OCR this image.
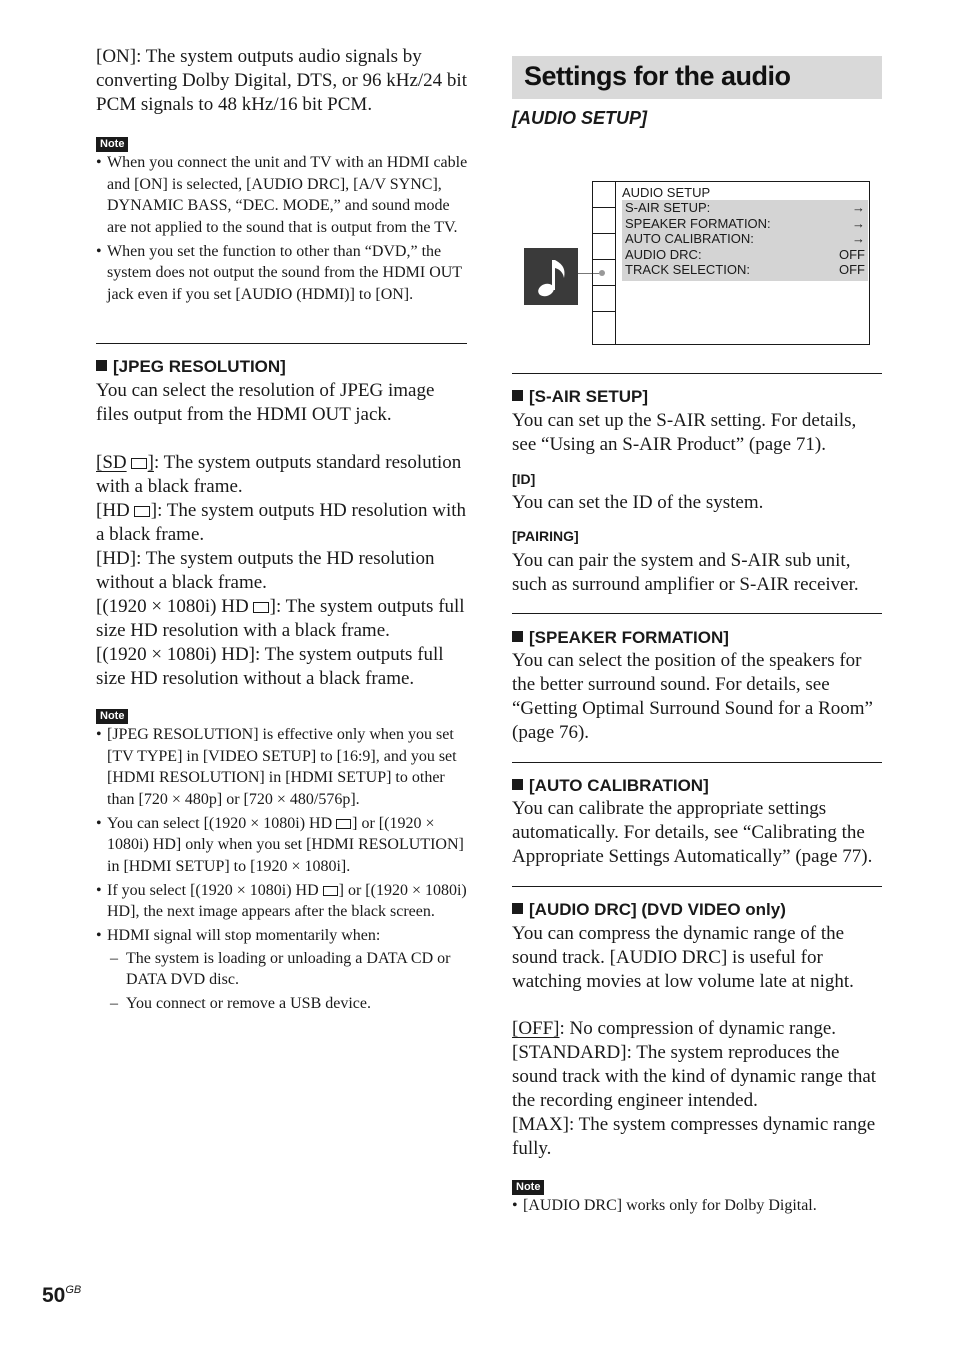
[ON]: The system outputs audio signals by converting Dolby Digital, DTS, or 96 kHz/24 bit PCM signals to 48 kHz/16 bit PCM.

Note
• When you connect the unit and TV with an HDMI cable and [ON] is selected, [AUDIO DRC], [A/V SYNC], DYNAMIC BASS, “DEC. MODE,” and sound mode are not applied to the sound that is output from the TV.
• When you set the function to other than “DVD,” the system does not output the sound from the HDMI OUT jack even if you set [AUDIO (HDMI)] to [ON].

[JPEG RESOLUTION]

You can select the resolution of JPEG image files output from the HDMI OUT jack.

[SD ]: The system outputs standard resolution with a black frame.
[HD ]: The system outputs HD resolution with a black frame.
[HD]: The system outputs the HD resolution without a black frame.
[(1920 × 1080i) HD ]: The system outputs full size HD resolution with a black frame.
[(1920 × 1080i) HD]: The system outputs full size HD resolution without a black frame.
Note
• [JPEG RESOLUTION] is effective only when you set [TV TYPE] in [VIDEO SETUP] to [16:9], and you set [HDMI RESOLUTION] in [HDMI SETUP] to other than [720 × 480p] or [720 × 480/576p].
• You can select [(1920 × 1080i) HD ] or [(1920 × 1080i) HD] only when you set [HDMI RESOLUTION] in [HDMI SETUP] to [1920 × 1080i].
• If you select [(1920 × 1080i) HD ] or [(1920 × 1080i) HD], the next image appears after the black screen.
• HDMI signal will stop momentarily when:
– The system is loading or unloading a DATA CD or DATA DVD disc.
– You connect or remove a USB device.
Settings for the audio
[AUDIO SETUP]
AUDIO SETUP
S-AIR SETUP:	→
SPEAKER FORMATION:	→
AUTO CALIBRATION:	→
AUDIO DRC:	OFF
TRACK SELECTION:	OFF

[S-AIR SETUP]

You can set up the S-AIR setting. For details, see “Using an S-AIR Product” (page 71).

[ID]

You can set the ID of the system.

[PAIRING]

You can pair the system and S-AIR sub unit, such as surround amplifier or S-AIR receiver.

[SPEAKER FORMATION]

You can select the position of the speakers for the better surround sound. For details, see “Getting Optimal Surround Sound for a Room” (page 76).

[AUTO CALIBRATION]

You can calibrate the appropriate settings automatically. For details, see “Calibrating the Appropriate Settings Automatically” (page 77).

[AUDIO DRC] (DVD VIDEO only)

You can compress the dynamic range of the sound track. [AUDIO DRC] is useful for watching movies at low volume late at night.

[OFF]: No compression of dynamic range.
[STANDARD]: The system reproduces the sound track with the kind of dynamic range that the recording engineer intended.
[MAX]: The system compresses dynamic range fully.
Note
• [AUDIO DRC] works only for Dolby Digital.
$50^{GB}$
